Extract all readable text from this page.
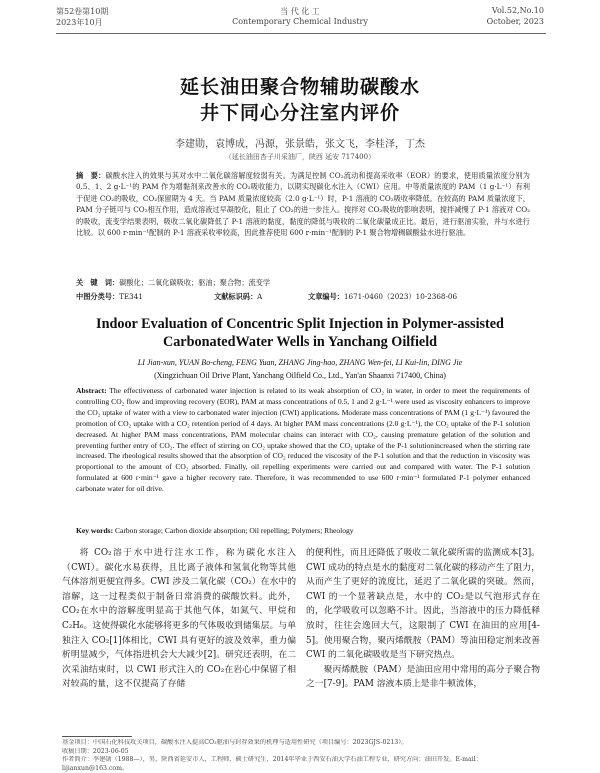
第52卷第10期
2023年10月
当 代 化 工
Contemporary Chemical Industry
Vol.52,No.10
October, 2023
延长油田聚合物辅助碳酸水
井下同心分注室内评价
李建勋，袁博成，冯源，张景皓，张文飞，李桂泽，丁杰
（延长油田杏子川采油厂，陕西 延安 717400）
摘　要：碳酸水注入的效果与其对水中二氧化碳溶解度较弱有关。为满足控制 CO₂流动和提高采收率（EOR）的要求，使用质量浓度分别为 0.5、1、2 g·L⁻¹的 PAM 作为增黏剂来改善水的 CO₂吸收能力，以期实现碳化水注入（CWI）应用。中等质量浓度的 PAM（1 g·L⁻¹）有利于促进 CO₂的吸收，CO₂保留期为 4 天。当 PAM 质量浓度较高（2.0 g·L⁻¹）时，P-1 溶液的 CO₂吸收率降低。在较高的 PAM 质量浓度下，PAM 分子链可与 CO₂相互作用，造成溶液过早凝胶化，阻止了 CO₂的进一步注入。搅拌对 CO₂吸收的影响表明，搅拌减慢了 P-1 溶液对 CO₂的吸收，流变学结果表明，吸收二氧化碳降低了 P-1 溶液的黏度，黏度的降低与吸收的二氧化碳量成正比。最后，进行驱油实验，并与水进行比较。以 600 r·min⁻¹配制的 P-1 溶液采收率较高，因此推荐使用 600 r·min⁻¹配制的 P-1 聚合物增稠碳酸盐水进行驱油。
关　键　词：碳酸化；二氧化碳吸收；驱油；聚合物；流变学
中图分类号： TE341	文献标识码： A	文章编号： 1671-0460（2023）10-2368-06
Indoor Evaluation of Concentric Split Injection in Polymer-assisted
CarbonatedWater Wells in Yanchang Oilfield
LI Jian-xun, YUAN Bo-cheng, FENG Yuan, ZHANG Jing-hao, ZHANG Wen-fei, LI Kui-lin, DING Jie
(Xingzichuan Oil Drive Plant, Yanchang Oilfield Co., Ltd., Yan'an Shaanxi 717400, China)
Abstract: The effectiveness of carbonated water injection is related to its weak absorption of CO₂ in water, in order to meet the requirements of controlling CO₂ flow and improving recovery (EOR), PAM at mass concentrations of 0.5, 1 and 2 g·L⁻¹ were used as viscosity enhancers to improve the CO₂ uptake of water with a view to carbonated water injection (CWI) applications. Moderate mass concentrations of PAM (1 g·L⁻¹) favoured the promotion of CO₂ uptake with a CO₂ retention period of 4 days. At higher PAM mass concentrations (2.0 g·L⁻¹), the CO₂ uptake of the P-1 solution decreased. At higher PAM mass concentrations, PAM molecular chains can interact with CO₂, causing premature gelation of the solution and preventing further entry of CO₂. The effect of stirring on CO₂ uptake showed that the CO₂ uptake of the P-1 solutionincreased when the stirring rate increased. The rheological results showed that the absorption of CO₂ reduced the viscosity of the P-1 solution and that the reduction in viscosity was proportional to the amount of CO₂ absorbed. Finally, oil repelling experiments were carried out and compared with water. The P-1 solution formulated at 600 r·min⁻¹ gave a higher recovery rate. Therefore, it was recommended to use 600 r·min⁻¹ formulated P-1 polymer enhanced carbonate water for oil drive.
Key words: Carbon storage; Carbon dioxide absorption; Oil repelling; Polymers; Rheology

将 CO₂溶于水中进行注水工作，称为碳化水注入（CWI）。碳化水易获得，且比离子液体和氢氧化物等其他气体溶剂更便宜得多。CWI 涉及二氧化碳（CO₂）在水中的溶解，这一过程类似于制备日常消费的碳酸饮料。此外，CO₂在水中的溶解度明显高于其他气体，如氮气、甲烷和 C₂H₆。这使得碳化水能够将更多的气体吸收到储集层。与单独注入 CO₂[1]体相比，CWI 具有更好的波及效率，重力偏析明显减少，气体指进机会大大减少[2]。研究还表明，在二次采油结束时，以 CWI 形式注入的 CO₂在岩心中保留了相对较高的量，这不仅提高了存储

的便利性，而且还降低了吸收二氧化碳所需的监测成本[3]。CWI 成功的特点是水的黏度对二氧化碳的移动产生了阻力，从而产生了更好的流度比，延迟了二氧化碳的突破。然而，CWI 的一个显著缺点是，水中的 CO₂是以气泡形式存在的，化学吸收可以忽略不计。因此，当溶液中的压力降低释放时，往往会逸回大气，这限制了 CWI 在油田的应用[4-5]。使用聚合物，聚丙烯酰胺（PAM）等油田稳定剂来改善 CWI 的二氧化碳吸收是当下研究热点。

聚丙烯酰胺（PAM）是油田应用中常用的高分子聚合物之一[7-9]。PAM 溶液本质上是非牛顿流体，

基金项目：中国石化科技攻关项目，碳酸水注入提高CO₂驱油与封存效果的机理与适用性研究（项目编号：2023GJS-0213）。
收稿日期：2023-06-05
作者简介：李建勋（1988—），男，陕西省延安市人，工程师，硕士研究生，2014年毕业于西安石油大学石油工程专业，研究方向：油田开发。E-mail：
lijianxun@163.com。
